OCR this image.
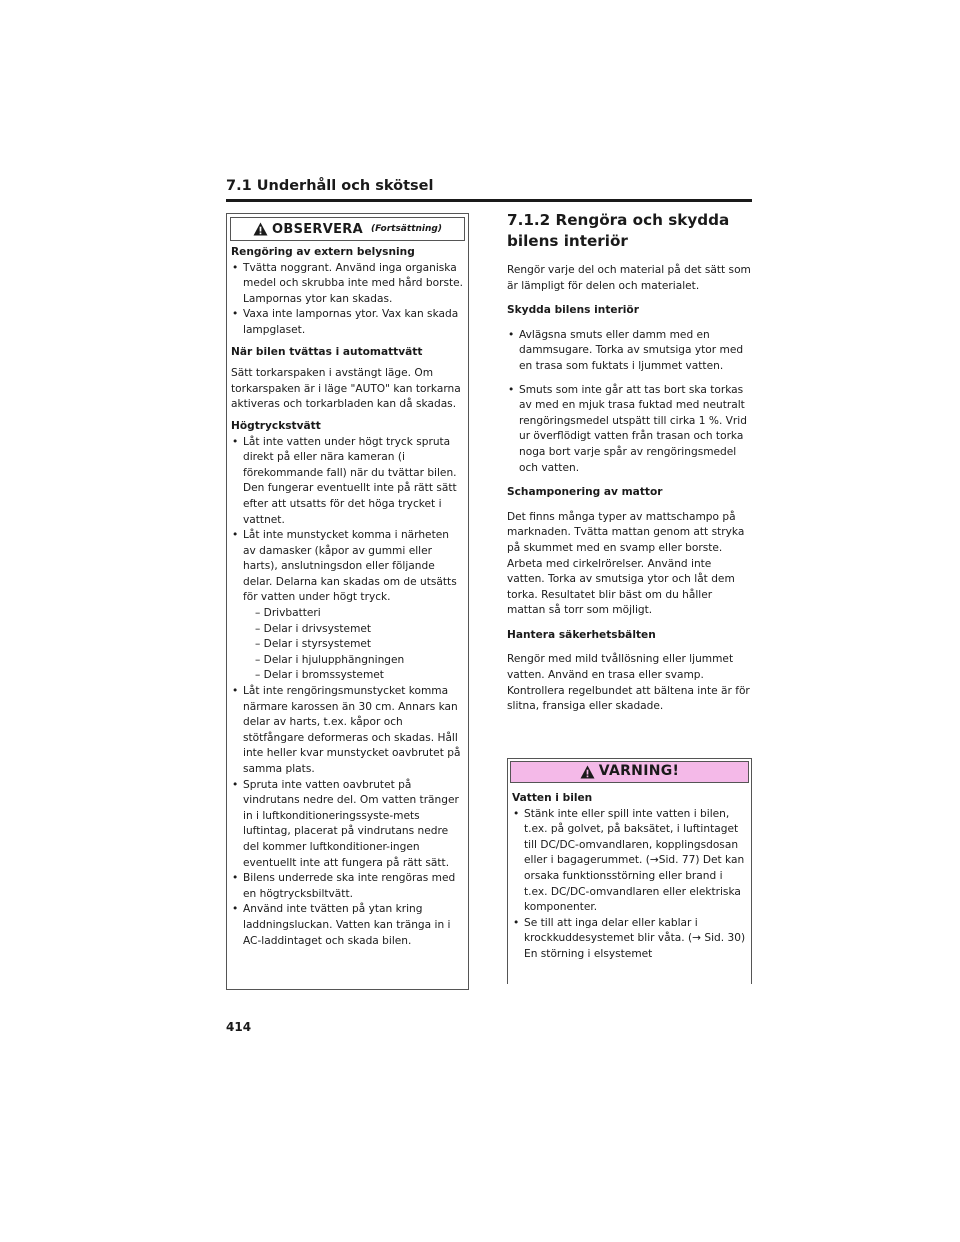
7.1 Underhåll och skötsel
OBSERVERA (Fortsättning)
Rengöring av extern belysning
• Tvätta noggrant. Använd inga organiska medel och skrubba inte med hård borste. Lampornas ytor kan skadas.
• Vaxa inte lampornas ytor. Vax kan skada lampglaset.
När bilen tvättas i automattvätt
Sätt torkarspaken i avstängt läge. Om torkarspaken är i läge "AUTO" kan torkarna aktiveras och torkarbladen kan då skadas.
Högtryckstvätt
• Låt inte vatten under högt tryck spruta direkt på eller nära kameran (i förekommande fall) när du tvättar bilen. Den fungerar eventuellt inte på rätt sätt efter att utsatts för det höga trycket i vattnet.
• Låt inte munstycket komma i närheten av damasker (kåpor av gummi eller harts), anslutningsdon eller följande delar. Delarna kan skadas om de utsätts för vatten under högt tryck.
– Drivbatteri
– Delar i drivsystemet
– Delar i styrsystemet
– Delar i hjulupphängningen
– Delar i bromssystemet
• Låt inte rengöringsmunstycket komma närmare karossen än 30 cm. Annars kan delar av harts, t.ex. kåpor och stötfångare deformeras och skadas. Håll inte heller kvar munstycket oavbrutet på samma plats.
• Spruta inte vatten oavbrutet på vindrutans nedre del. Om vatten tränger in i luftkonditioneringssyste-mets luftintag, placerat på vindrutans nedre del kommer luftkonditioner-ingen eventuellt inte att fungera på rätt sätt.
• Bilens underrede ska inte rengöras med en högtrycksbiltvätt.
• Använd inte tvätten på ytan kring laddningsluckan. Vatten kan tränga in i AC-laddintaget och skada bilen.
7.1.2 Rengöra och skydda bilens interiör
Rengör varje del och material på det sätt som är lämpligt för delen och materialet.
Skydda bilens interiör
• Avlägsna smuts eller damm med en dammsugare. Torka av smutsiga ytor med en trasa som fuktats i ljummet vatten.
• Smuts som inte går att tas bort ska torkas av med en mjuk trasa fuktad med neutralt rengöringsmedel utspätt till cirka 1 %. Vrid ur överflödigt vatten från trasan och torka noga bort varje spår av rengöringsmedel och vatten.
Schamponering av mattor
Det finns många typer av mattschampo på marknaden. Tvätta mattan genom att stryka på skummet med en svamp eller borste. Arbeta med cirkelrörelser. Använd inte vatten. Torka av smutsiga ytor och låt dem torka. Resultatet blir bäst om du håller mattan så torr som möjligt.
Hantera säkerhetsbälten
Rengör med mild tvållösning eller ljummet vatten. Använd en trasa eller svamp. Kontrollera regelbundet att bältena inte är för slitna, fransiga eller skadade.
VARNING!
Vatten i bilen
• Stänk inte eller spill inte vatten i bilen, t.ex. på golvet, på baksätet, i luftintaget till DC/DC-omvandlaren, kopplingsdosan eller i bagagerummet. (→Sid. 77) Det kan orsaka funktionsstörning eller brand i t.ex. DC/DC-omvandlaren eller elektriska komponenter.
• Se till att inga delar eller kablar i krockkuddesystemet blir våta. (→ Sid. 30) En störning i elsystemet
414
